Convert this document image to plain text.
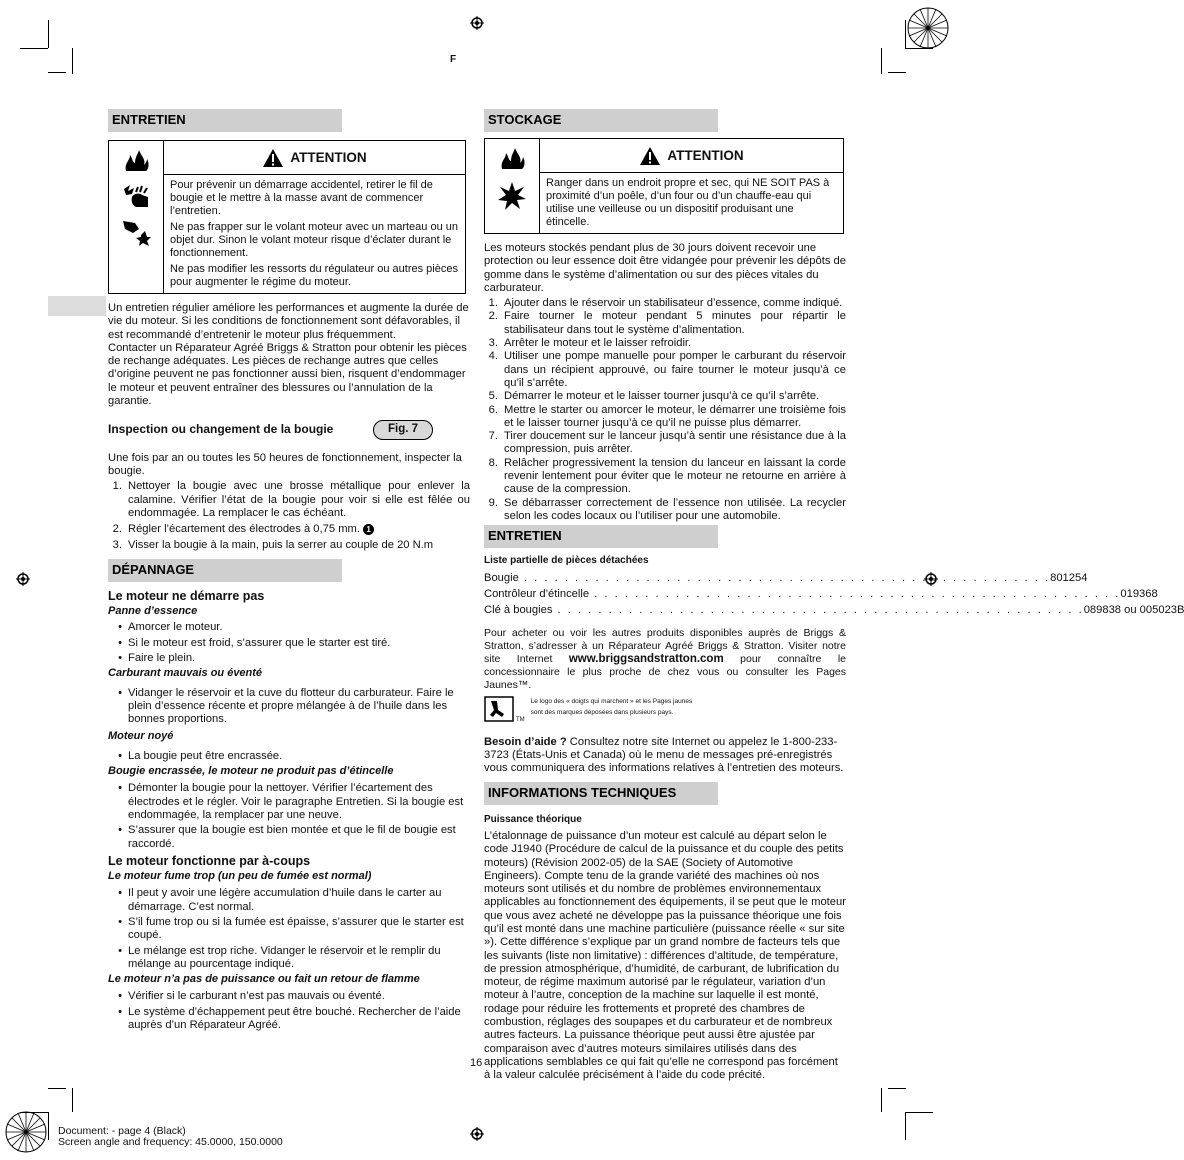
F
ENTRETIEN
ATTENTION

Pour prévenir un démarrage accidentel, retirer le fil de bougie et le mettre à la masse avant de commencer l’entretien.

Ne pas frapper sur le volant moteur avec un marteau ou un objet dur. Sinon le volant moteur risque d’éclater durant le fonctionnement.

Ne pas modifier les ressorts du régulateur ou autres pièces pour augmenter le régime du moteur.

Un entretien régulier améliore les performances et augmente la durée de vie du moteur. Si les conditions de fonctionnement sont défavorables, il est recommandé d’entretenir le moteur plus fréquemment.

Contacter un Réparateur Agréé Briggs & Stratton pour obtenir les pièces de rechange adéquates. Les pièces de rechange autres que celles d’origine peuvent ne pas fonctionner aussi bien, risquent d’endommager le moteur et peuvent entraîner des blessures ou l’annulation de la garantie.

Inspection ou changement de la bougie	Fig. 7

Une fois par an ou toutes les 50 heures de fonctionnement, inspecter la bougie.

1. Nettoyer la bougie avec une brosse métallique pour enlever la calamine. Vérifier l’état de la bougie pour voir si elle est fêlée ou endommagée. La remplacer le cas échéant.
2. Régler l’écartement des électrodes à 0,75 mm. 1
3. Visser la bougie à la main, puis la serrer au couple de 20 N.m
DÉPANNAGE
Le moteur ne démarre pas
Panne d’essence
• Amorcer le moteur.
• Si le moteur est froid, s’assurer que le starter est tiré.
• Faire le plein.
Carburant mauvais ou éventé
• Vidanger le réservoir et la cuve du flotteur du carburateur. Faire le plein d’essence récente et propre mélangée à de l’huile dans les bonnes proportions.
Moteur noyé
• La bougie peut être encrassée.
Bougie encrassée, le moteur ne produit pas d’étincelle
• Démonter la bougie pour la nettoyer. Vérifier l’écartement des électrodes et le régler. Voir le paragraphe Entretien. Si la bougie est endommagée, la remplacer par une neuve.
• S’assurer que la bougie est bien montée et que le fil de bougie est raccordé.
Le moteur fonctionne par à-coups
Le moteur fume trop (un peu de fumée est normal)
• Il peut y avoir une légère accumulation d’huile dans le carter au démarrage. C’est normal.
• S’il fume trop ou si la fumée est épaisse, s’assurer que le starter est coupé.
• Le mélange est trop riche. Vidanger le réservoir et le remplir du mélange au pourcentage indiqué.
Le moteur n’a pas de puissance ou fait un retour de flamme
• Vérifier si le carburant n’est pas mauvais ou éventé.
• Le système d’échappement peut être bouché. Rechercher de l’aide auprès d’un Réparateur Agréé.
STOCKAGE
ATTENTION

Ranger dans un endroit propre et sec, qui NE SOIT PAS à proximité d’un poêle, d’un four ou d’un chauffe-eau qui utilise une veilleuse ou un dispositif produisant une étincelle.

Les moteurs stockés pendant plus de 30 jours doivent recevoir une protection ou leur essence doit être vidangée pour prévenir les dépôts de gomme dans le système d’alimentation ou sur des pièces vitales du carburateur.

1. Ajouter dans le réservoir un stabilisateur d’essence, comme indiqué.
2. Faire tourner le moteur pendant 5 minutes pour répartir le stabilisateur dans tout le système d’alimentation.
3. Arrêter le moteur et le laisser refroidir.
4. Utiliser une pompe manuelle pour pomper le carburant du réservoir dans un récipient approuvé, ou faire tourner le moteur jusqu’à ce qu’il s’arrête.
5. Démarrer le moteur et le laisser tourner jusqu’à ce qu’il s’arrête.
6. Mettre le starter ou amorcer le moteur, le démarrer une troisième fois et le laisser tourner jusqu’à ce qu’il ne puisse plus démarrer.
7. Tirer doucement sur le lanceur jusqu’à sentir une résistance due à la compression, puis arrêter.
8. Relâcher progressivement la tension du lanceur en laissant la corde revenir lentement pour éviter que le moteur ne retourne en arrière à cause de la compression.
9. Se débarrasser correctement de l’essence non utilisée. La recycler selon les codes locaux ou l’utiliser pour une automobile.
ENTRETIEN
Liste partielle de pièces détachées
Bougie . . . . . . . . . . . . . . . . . . . . . . . . . . . . . . . . . . . . . . . . . . . . . . . . . . . . 801254
Contrôleur d’étincelle . . . . . . . . . . . . . . . . . . . . . . . . . . . . . . . . . . . . . . . . . . . . . . . . . . . . 019368
Clé à bougies . . . . . . . . . . . . . . . . . . . . . . . . . . . . . . . . . . . . . . . . . . . . . . . . . . . . 089838 ou 005023B

Pour acheter ou voir les autres produits disponibles auprès de Briggs & Stratton, s’adresser à un Réparateur Agréé Briggs & Stratton. Visiter notre site Internet www.briggsandstratton.com pour connaître le concessionnaire le plus proche de chez vous ou consulter les Pages Jaunes™.

TM
Le logo des « doigts qui marchent » et les Pages jaunes
sont des marques déposées dans plusieurs pays.

Besoin d’aide ? Consultez notre site Internet ou appelez le 1-800-233-3723 (États-Unis et Canada) où le menu de messages pré-enregistrés vous communiquera des informations relatives à l’entretien des moteurs.

INFORMATIONS TECHNIQUES
Puissance théorique

L’étalonnage de puissance d’un moteur est calculé au départ selon le code J1940 (Procédure de calcul de la puissance et du couple des petits moteurs) (Révision 2002-05) de la SAE (Society of Automotive Engineers). Compte tenu de la grande variété des machines où nos moteurs sont utilisés et du nombre de problèmes environnementaux applicables au fonctionnement des équipements, il se peut que le moteur que vous avez acheté ne développe pas la puissance théorique une fois qu’il est monté dans une machine particulière (puissance réelle « sur site »). Cette différence s’explique par un grand nombre de facteurs tels que les suivants (liste non limitative) : différences d’altitude, de température, de pression atmosphérique, d’humidité, de carburant, de lubrification du moteur, de régime maximum autorisé par le régulateur, variation d’un moteur à l’autre, conception de la machine sur laquelle il est monté, rodage pour réduire les frottements et propreté des chambres de combustion, réglages des soupapes et du carburateur et de nombreux autres facteurs. La puissance théorique peut aussi être ajustée par comparaison avec d’autres moteurs similaires utilisés dans des applications semblables ce qui fait qu’elle ne correspond pas forcément à la valeur calculée précisément à l’aide du code précité.

16
Document: - page 4 (Black)
Screen angle and frequency: 45.0000, 150.0000
